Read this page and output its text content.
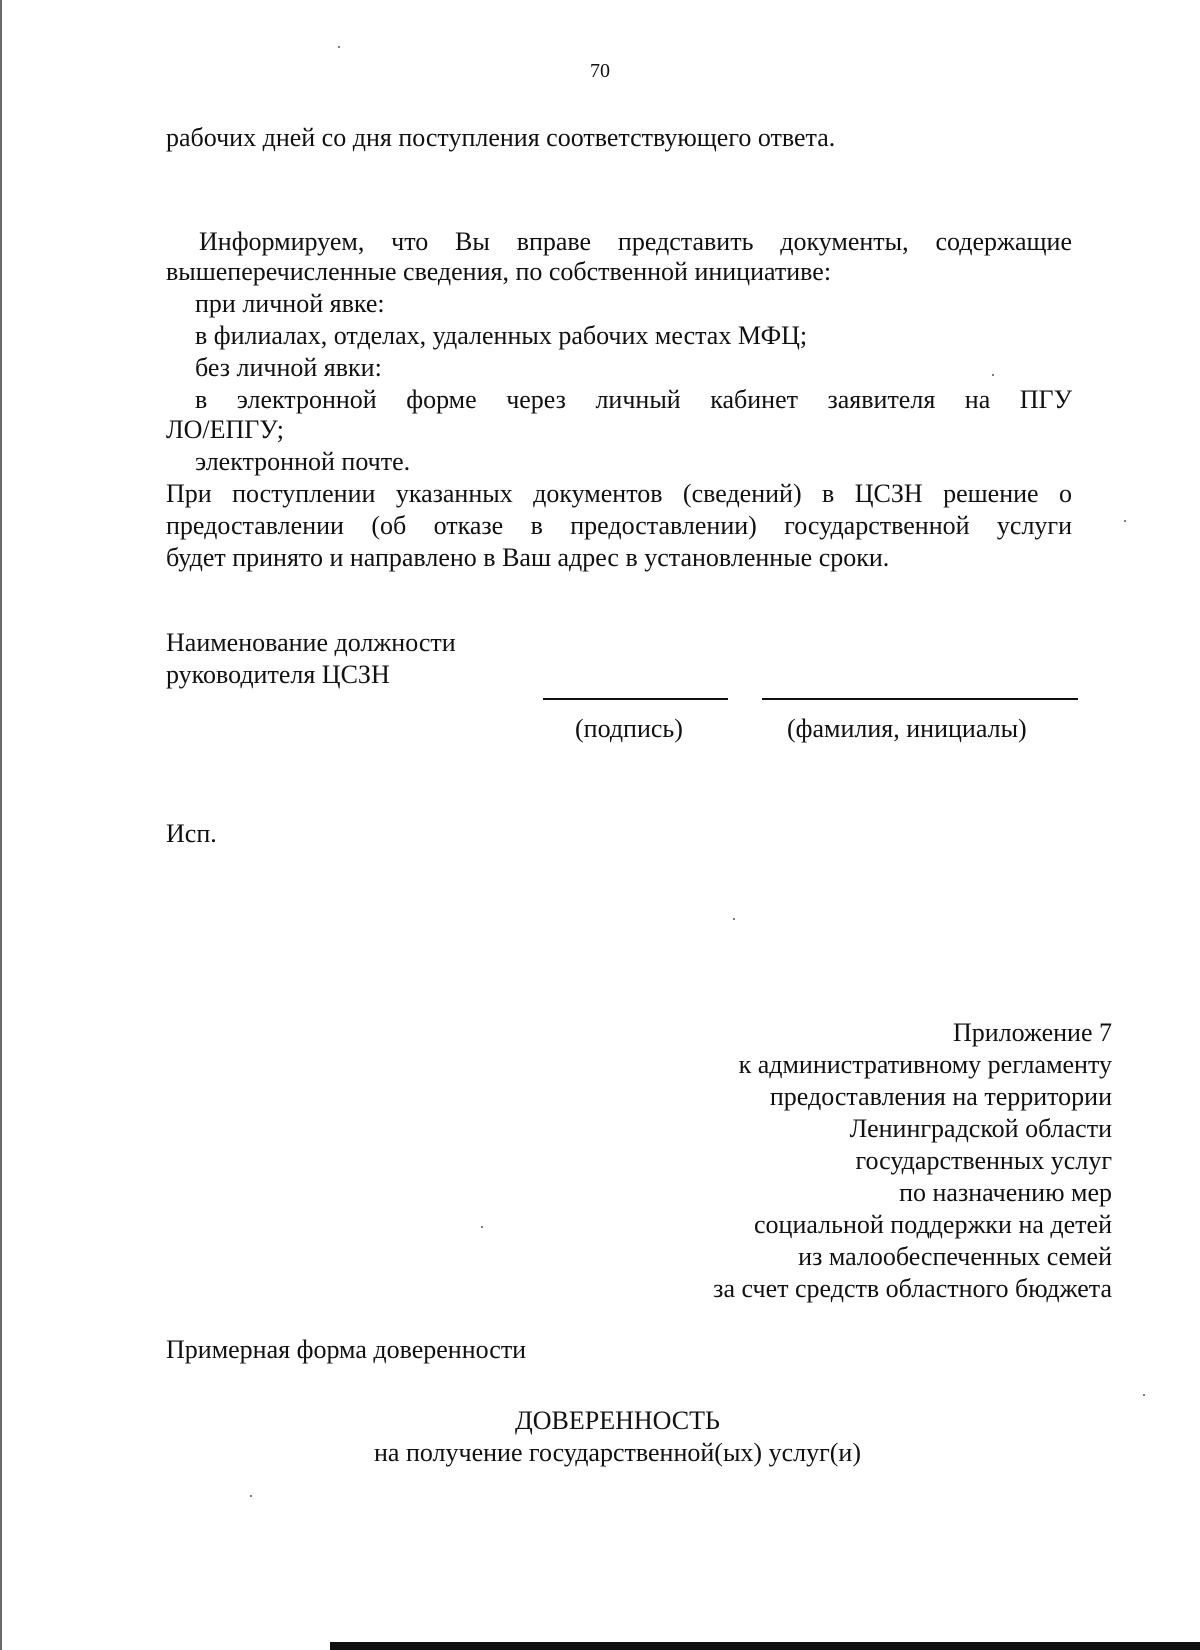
70
рабочих дней со дня поступления соответствующего ответа.
Информируем, что Вы вправе представить документы, содержащие
вышеперечисленные сведения, по собственной инициативе:
при личной явке:
в филиалах, отделах, удаленных рабочих местах МФЦ;
без личной явки:
в электронной форме через личный кабинет заявителя на ПГУ
ЛО/ЕПГУ;
электронной почте.
При поступлении указанных документов (сведений) в ЦСЗН решение о
предоставлении (об отказе в предоставлении) государственной услуги
будет принято и направлено в Ваш адрес в установленные сроки.
Наименование должности
руководителя ЦСЗН
(подпись)	(фамилия, инициалы)
Исп.
Приложение 7
к административному регламенту
предоставления на территории
Ленинградской области
государственных услуг
по назначению мер
социальной поддержки на детей
из малообеспеченных семей
за счет средств областного бюджета
Примерная форма доверенности
ДОВЕРЕННОСТЬ
на получение государственной(ых) услуг(и)
